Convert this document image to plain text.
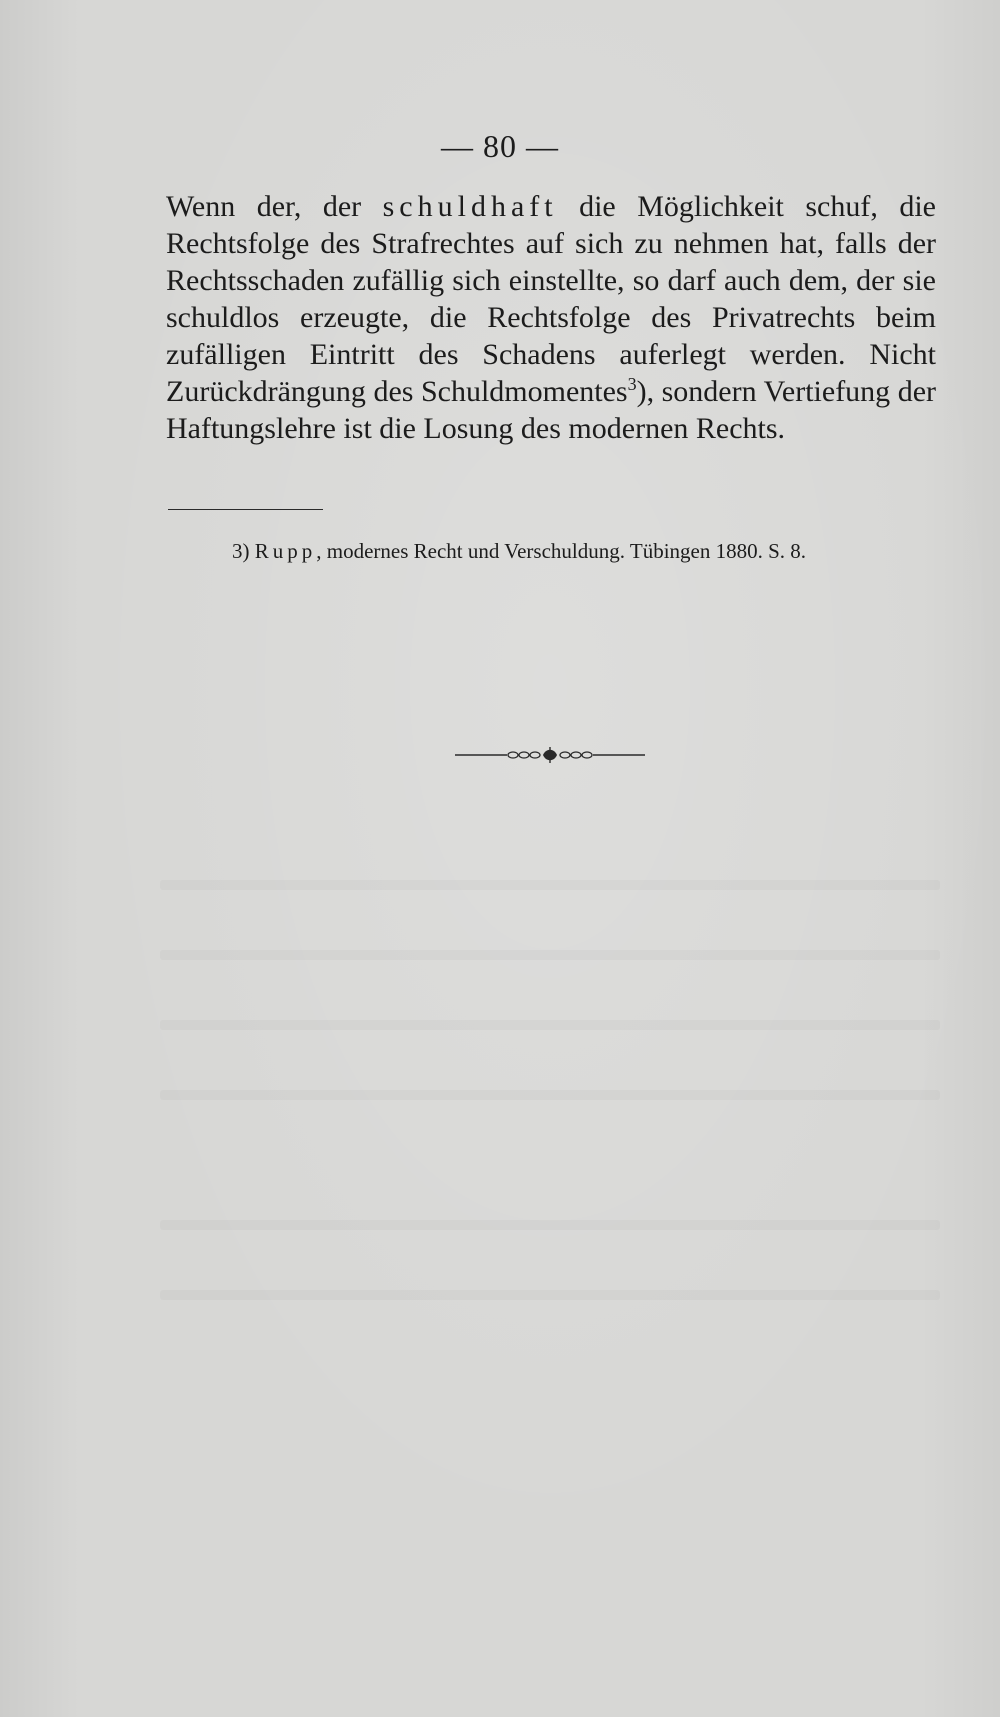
— 80 —
Wenn der, der schuldhaft die Möglichkeit schuf, die Rechtsfolge des Strafrechtes auf sich zu nehmen hat, falls der Rechtsschaden zufällig sich einstellte, so darf auch dem, der sie schuldlos erzeugte, die Rechtsfolge des Privatrechts beim zufälligen Eintritt des Schadens auferlegt werden. Nicht Zurückdrängung des Schuldmomentes$^3$), sondern Vertiefung der Haftungslehre ist die Losung des modernen Rechts.
3) Rupp, modernes Recht und Verschuldung. Tübingen 1880. S. 8.
